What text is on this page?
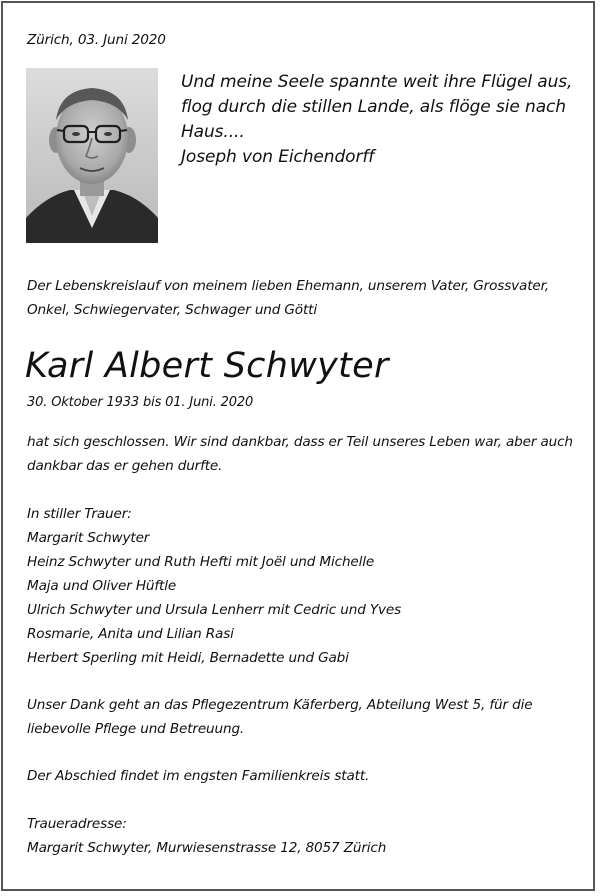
Zürich, 03. Juni 2020
Und meine Seele spannte weit ihre Flügel aus,
flog durch die stillen Lande, als flöge sie nach
Haus....
Joseph von Eichendorff
Der Lebenskreislauf von meinem lieben Ehemann, unserem Vater, Grossvater,
Onkel, Schwiegervater, Schwager und Götti
Karl Albert Schwyter
30. Oktober 1933 bis 01. Juni. 2020
hat sich geschlossen. Wir sind dankbar, dass er Teil unseres Leben war, aber auch
dankbar das er gehen durfte.
In stiller Trauer:
Margarit Schwyter
Heinz Schwyter und Ruth Hefti mit Joël und Michelle
Maja und Oliver Hüftle
Ulrich Schwyter und Ursula Lenherr mit Cedric und Yves
Rosmarie, Anita und Lilian Rasi
Herbert Sperling mit Heidi, Bernadette und Gabi
Unser Dank geht an das Pflegezentrum Käferberg, Abteilung West 5, für die
liebevolle Pflege und Betreuung.
Der Abschied findet im engsten Familienkreis statt.
Traueradresse:
Margarit Schwyter, Murwiesenstrasse 12, 8057 Zürich
